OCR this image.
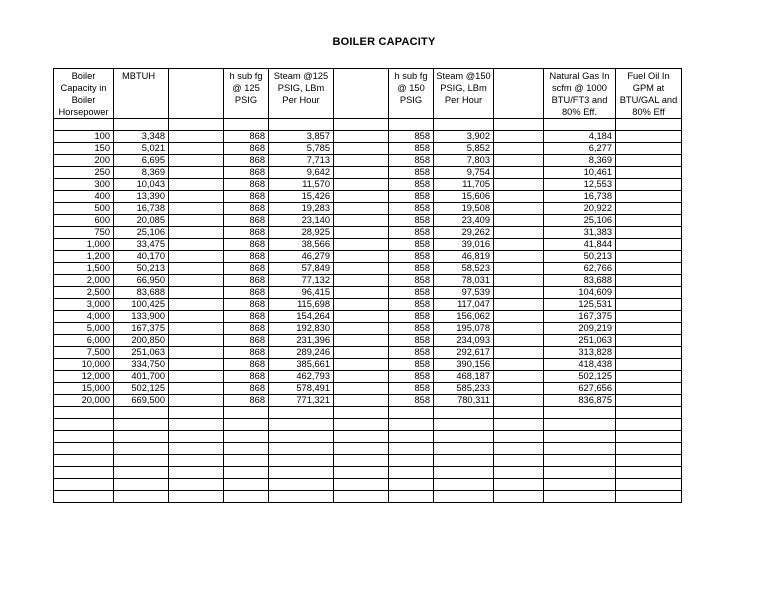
BOILER CAPACITY
Boiler Capacity in Boiler Horsepower	MBTUH		h sub fg @ 125 PSIG	Steam @125 PSIG, LBm Per Hour		h sub fg @ 150 PSIG	Steam @150 PSIG, LBm Per Hour		Natural Gas In scfm @ 1000 BTU/FT3 and 80% Eff.	Fuel Oil In GPM at BTU/GAL and 80% Eff

100	3,348		868	3,857		858	3,902		4,184	
150	5,021		868	5,785		858	5,852		6,277	
200	6,695		868	7,713		858	7,803		8,369	
250	8,369		868	9,642		858	9,754		10,461	
300	10,043		868	11,570		858	11,705		12,553	
400	13,390		868	15,426		858	15,606		16,738	
500	16,738		868	19,283		858	19,508		20,922	
600	20,085		868	23,140		858	23,409		25,106	
750	25,106		868	28,925		858	29,262		31,383	
1,000	33,475		868	38,566		858	39,016		41,844	
1,200	40,170		868	46,279		858	46,819		50,213	
1,500	50,213		868	57,849		858	58,523		62,766	
2,000	66,950		868	77,132		858	78,031		83,688	
2,500	83,688		868	96,415		858	97,539		104,609	
3,000	100,425		868	115,698		858	117,047		125,531	
4,000	133,900		868	154,264		858	156,062		167,375	
5,000	167,375		868	192,830		858	195,078		209,219	
6,000	200,850		868	231,396		858	234,093		251,063	
7,500	251,063		868	289,246		858	292,617		313,828	
10,000	334,750		868	385,661		858	390,156		418,438	
12,000	401,700		868	462,793		858	468,187		502,125	
15,000	502,125		868	578,491		858	585,233		627,656	
20,000	669,500		868	771,321		858	780,311		836,875	
